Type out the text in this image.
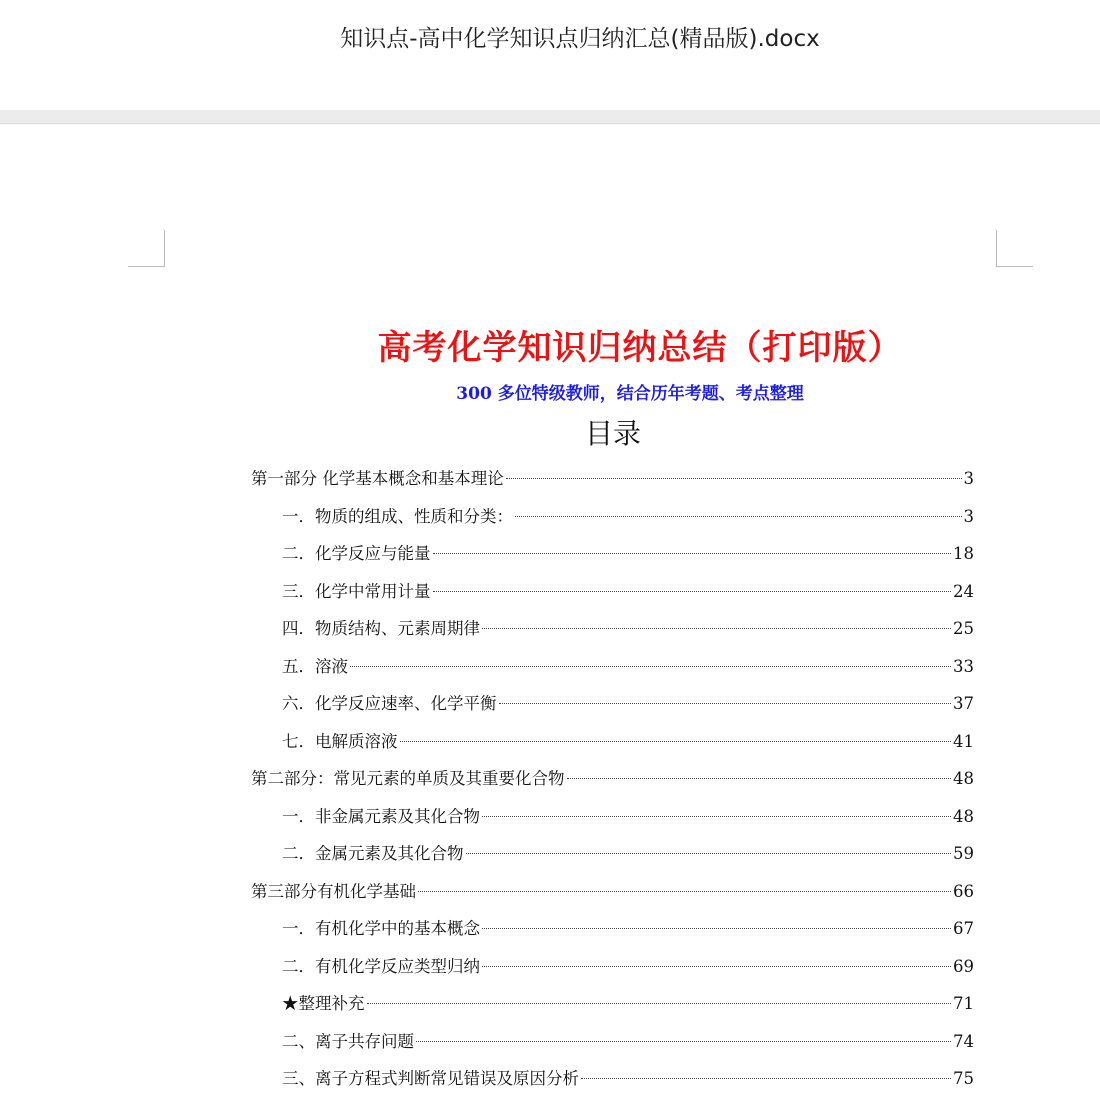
知识点-高中化学知识点归纳汇总(精品版).docx
高考化学知识归纳总结（打印版）
300 多位特级教师，结合历年考题、考点整理
目录
第一部分 化学基本概念和基本理论	3
一．物质的组成、性质和分类：	3
二．化学反应与能量	18
三．化学中常用计量	24
四．物质结构、元素周期律	25
五．溶液	33
六．化学反应速率、化学平衡	37
七．电解质溶液	41
第二部分：常见元素的单质及其重要化合物	48
一．非金属元素及其化合物	48
二．金属元素及其化合物	59
第三部分有机化学基础	66
一．有机化学中的基本概念	67
二．有机化学反应类型归纳	69
★整理补充	71
二、离子共存问题	74
三、离子方程式判断常见错误及原因分析	75
